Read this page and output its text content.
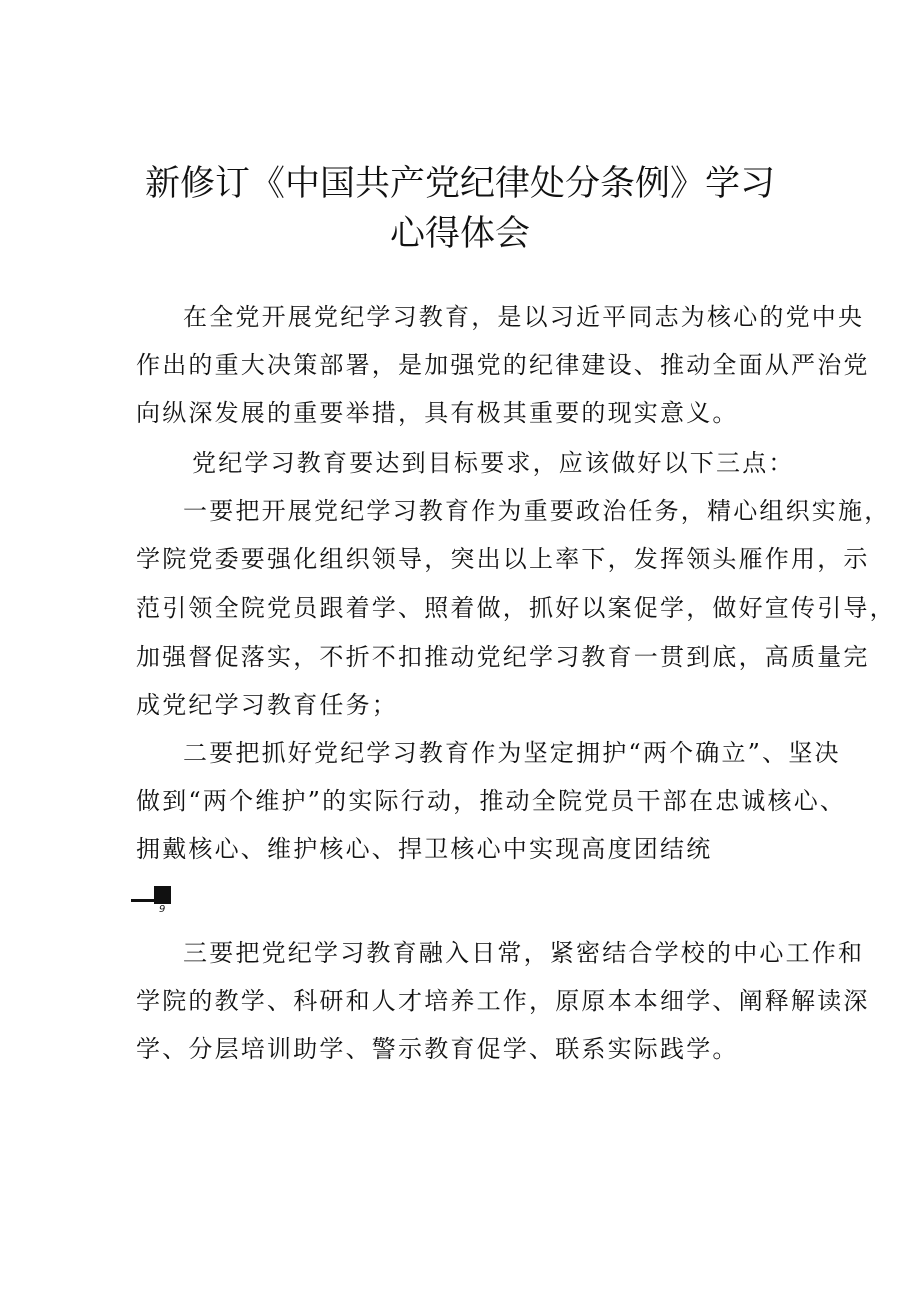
新修订《中国共产党纪律处分条例》学习
心得体会
在全党开展党纪学习教育，是以习近平同志为核心的党中央
作出的重大决策部署，是加强党的纪律建设、推动全面从严治党
向纵深发展的重要举措，具有极其重要的现实意义。
党纪学习教育要达到目标要求，应该做好以下三点：
一要把开展党纪学习教育作为重要政治任务，精心组织实施，
学院党委要强化组织领导，突出以上率下，发挥领头雁作用，示
范引领全院党员跟着学、照着做，抓好以案促学，做好宣传引导，
加强督促落实，不折不扣推动党纪学习教育一贯到底，高质量完
成党纪学习教育任务；
二要把抓好党纪学习教育作为坚定拥护“两个确立”、坚决
做到“两个维护”的实际行动，推动全院党员干部在忠诚核心、
拥戴核心、维护核心、捍卫核心中实现高度团结统
9
三要把党纪学习教育融入日常，紧密结合学校的中心工作和
学院的教学、科研和人才培养工作，原原本本细学、阐释解读深
学、分层培训助学、警示教育促学、联系实际践学。
